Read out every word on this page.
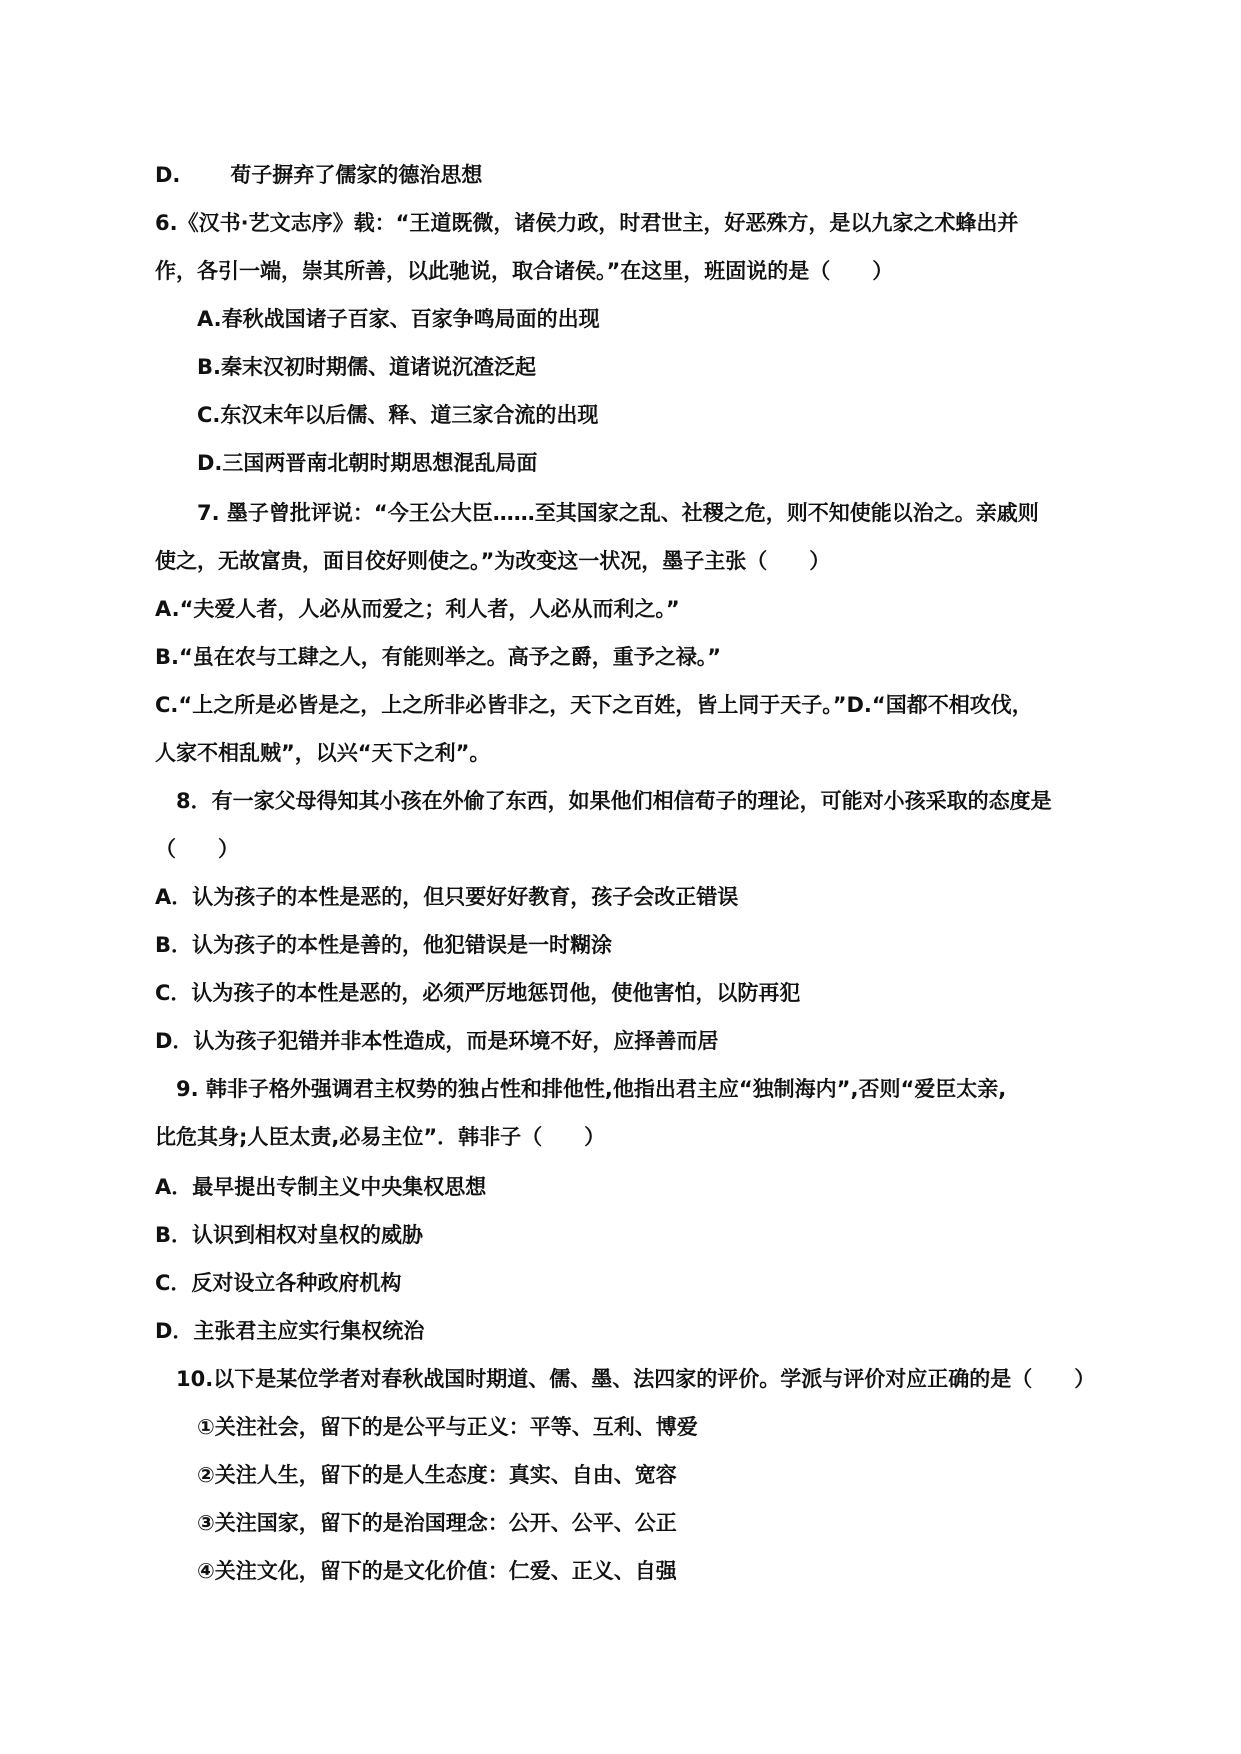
D. 荀子摒弃了儒家的德治思想
6.《汉书·艺文志序》载：“王道既微，诸侯力政，时君世主，好恶殊方，是以九家之术蜂出并
作，各引一端，崇其所善，以此驰说，取合诸侯。”在这里，班固说的是（　　）
A.春秋战国诸子百家、百家争鸣局面的出现
B.秦末汉初时期儒、道诸说沉渣泛起
C.东汉末年以后儒、释、道三家合流的出现
D.三国两晋南北朝时期思想混乱局面
7. 墨子曾批评说：“今王公大臣……至其国家之乱、社稷之危，则不知使能以治之。亲戚则
使之，无故富贵，面目佼好则使之。”为改变这一状况，墨子主张（　　）
A.“夫爱人者，人必从而爱之；利人者，人必从而利之。”
B.“虽在农与工肆之人，有能则举之。高予之爵，重予之禄。”
C.“上之所是必皆是之，上之所非必皆非之，天下之百姓，皆上同于天子。”D.“国都不相攻伐，
人家不相乱贼”，以兴“天下之利”。
8．有一家父母得知其小孩在外偷了东西，如果他们相信荀子的理论，可能对小孩采取的态度是
（　　）
A．认为孩子的本性是恶的，但只要好好教育，孩子会改正错误
B．认为孩子的本性是善的，他犯错误是一时糊涂
C．认为孩子的本性是恶的，必须严厉地惩罚他，使他害怕，以防再犯
D．认为孩子犯错并非本性造成，而是环境不好，应择善而居
9. 韩非子格外强调君主权势的独占性和排他性,他指出君主应“独制海内”,否则“爱臣太亲,
比危其身;人臣太责,必易主位”．韩非子（　　）
A．最早提出专制主义中央集权思想
B．认识到相权对皇权的威胁
C．反对设立各种政府机构
D．主张君主应实行集权统治
10.以下是某位学者对春秋战国时期道、儒、墨、法四家的评价。学派与评价对应正确的是（　　）
①关注社会，留下的是公平与正义：平等、互利、博爱
②关注人生，留下的是人生态度：真实、自由、宽容
③关注国家，留下的是治国理念：公开、公平、公正
④关注文化，留下的是文化价值：仁爱、正义、自强
